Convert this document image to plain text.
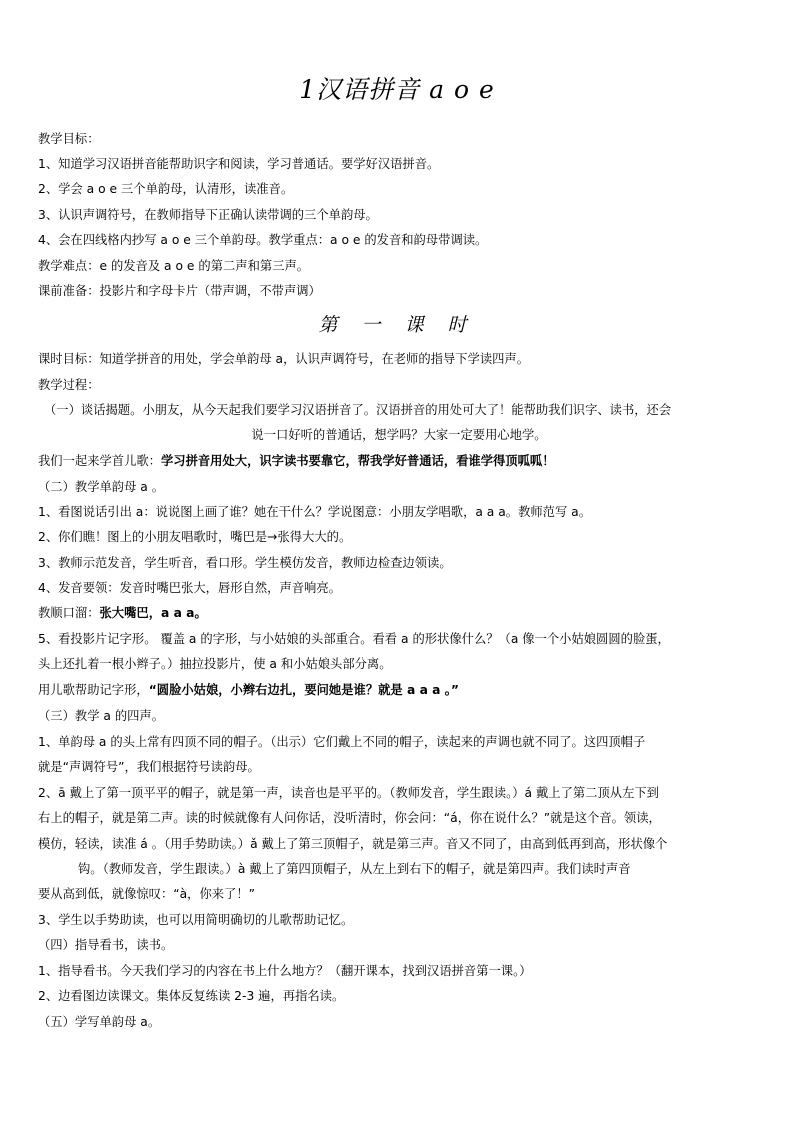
1汉语拼音 a o e
教学目标：
1、知道学习汉语拼音能帮助识字和阅读，学习普通话。要学好汉语拼音。
2、学会 a o e 三个单韵母，认清形，读准音。
3、认识声调符号，在教师指导下正确认读带调的三个单韵母。
4、会在四线格内抄写 a o e 三个单韵母。教学重点：a o e 的发音和韵母带调读。
教学难点：e 的发音及 a o e 的第二声和第三声。
课前准备：投影片和字母卡片（带声调，不带声调）
第 一 课 时
课时目标：知道学拼音的用处，学会单韵母 a，认识声调符号，在老师的指导下学读四声。
教学过程：
（一）谈话揭题。小朋友，从今天起我们要学习汉语拼音了。汉语拼音的用处可大了！能帮助我们识字、读书，还会
说一口好听的普通话，想学吗？大家一定要用心地学。
我们一起来学首儿歌：学习拼音用处大，识字读书要靠它，帮我学好普通话，看谁学得顶呱呱！
（二）教学单韵母 a 。
1、看图说话引出 a：说说图上画了谁？她在干什么？学说图意：小朋友学唱歌，a a a。教师范写 a。
2、你们瞧！图上的小朋友唱歌时，嘴巴是→张得大大的。
3、教师示范发音，学生听音，看口形。学生模仿发音，教师边检查边领读。
4、发音要领：发音时嘴巴张大，唇形自然，声音响亮。
教顺口溜：张大嘴巴，a a a。
5、看投影片记字形。 覆盖 a 的字形，与小姑娘的头部重合。看看 a 的形状像什么？（a 像一个小姑娘圆圆的脸蛋，
头上还扎着一根小辫子。）抽拉投影片，使 a 和小姑娘头部分离。
用儿歌帮助记字形，“圆脸小姑娘，小辫右边扎，要问她是谁？就是 a a a 。”
（三）教学 a 的四声。
1、单韵母 a 的头上常有四顶不同的帽子。（出示）它们戴上不同的帽子，读起来的声调也就不同了。这四顶帽子
就是“声调符号”，我们根据符号读韵母。
2、ā 戴上了第一顶平平的帽子，就是第一声，读音也是平平的。（教师发音，学生跟读。）á 戴上了第二顶从左下到
右上的帽子，就是第二声。读的时候就像有人问你话，没听清时，你会问：“á，你在说什么？”就是这个音。领读，
模仿，轻读，读准 á 。（用手势助读。）ǎ 戴上了第三顶帽子，就是第三声。音又不同了，由高到低再到高，形状像个
钩。（教师发音，学生跟读。）à 戴上了第四顶帽子，从左上到右下的帽子，就是第四声。我们读时声音
要从高到低，就像惊叹：“à，你来了！”
3、学生以手势助读，也可以用简明确切的儿歌帮助记忆。
（四）指导看书，读书。
1、指导看书。今天我们学习的内容在书上什么地方？（翻开课本，找到汉语拼音第一课。）
2、边看图边读课文。集体反复练读 2-3 遍，再指名读。
（五）学写单韵母 a。
